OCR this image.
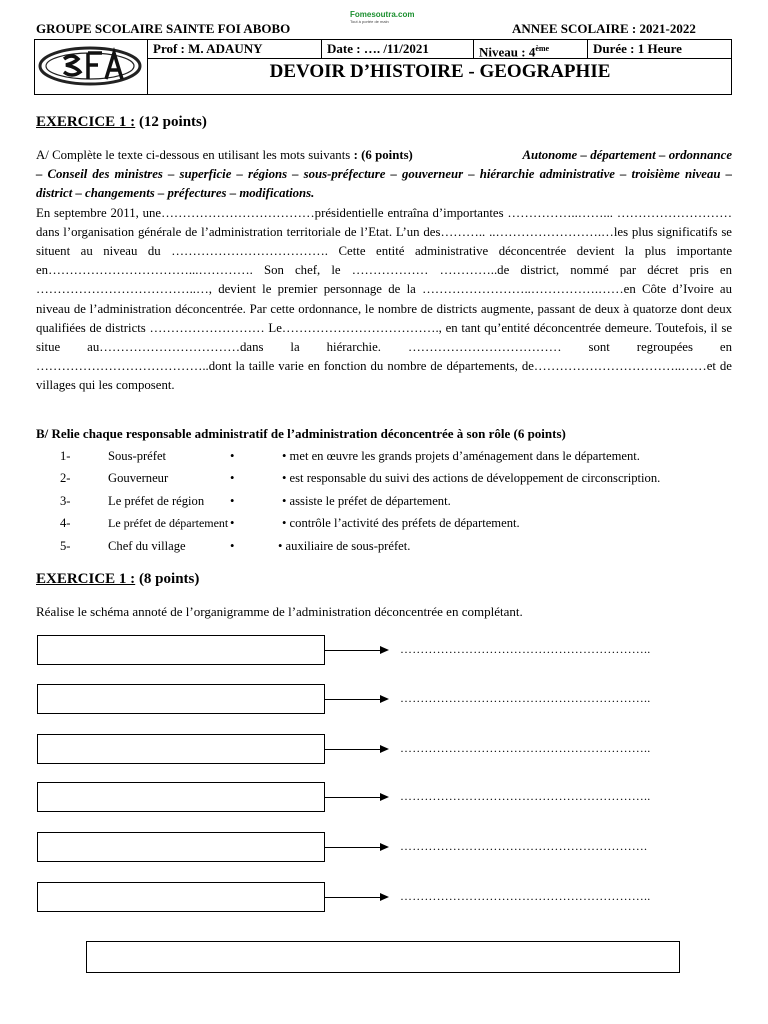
GROUPE SCOLAIRE SAINTE FOI ABOBO
Fomesoutra.com
Tout à portée de main	ANNEE SCOLAIRE : 2021-2022
Prof : M. ADAUNY	Date : …. /11/2021	Niveau : 4ème	Durée : 1 Heure
DEVOIR D’HISTOIRE - GEOGRAPHIE
EXERCICE 1 : (12 points)
A/ Complète le texte ci-dessous en utilisant les mots suivants : (6 points)	Autonome – département – ordonnance – Conseil des ministres – superficie – régions – sous-préfecture – gouverneur – hiérarchie administrative – troisième niveau – district – changements – préfectures – modifications.
En septembre 2011, une………………………………présidentielle entraîna d’importantes ……………..……... ……………………… dans l’organisation générale de l’administration territoriale de l’Etat. L’un des……….. ..…………………….…les plus significatifs se situent au niveau du ………………………………. Cette entité administrative déconcentrée devient la plus importante en……………………………...…………. Son chef, le ……………… …………..de district, nommé par décret pris en ………………………………..…, devient le premier personnage de la ……………………..…………….……en Côte d’Ivoire au niveau de l’administration déconcentrée. Par cette ordonnance, le nombre de districts augmente, passant de deux à quatorze dont deux qualifiées de districts ……………………… Le………………………………., en tant qu’entité déconcentrée demeure. Toutefois, il se situe au……………………………dans la hiérarchie. ……………………………… sont regroupées en …………………………………..dont la taille varie en fonction du nombre de départements, de……………………………..……et de villages qui les composent.
B/ Relie chaque responsable administratif de l’administration déconcentrée à son rôle (6 points)
1-	Sous-préfet	•	• met en œuvre les grands projets d’aménagement dans le département.
2-	Gouverneur	•	• est responsable du suivi des actions de développement de circonscription.
3-	Le préfet de région •	• assiste le préfet de département.
4-	Le préfet de département •	• contrôle l’activité des préfets de département.
5-	Chef du village	•	• auxiliaire de sous-préfet.
EXERCICE 1 : (8 points)
Réalise le schéma annoté de l’organigramme de l’administration déconcentrée en complétant.
……………………………………………………..
……………………………………………………..
……………………………………………………..
……………………………………………………..
…………………………………………………….
……………………………………………………..
